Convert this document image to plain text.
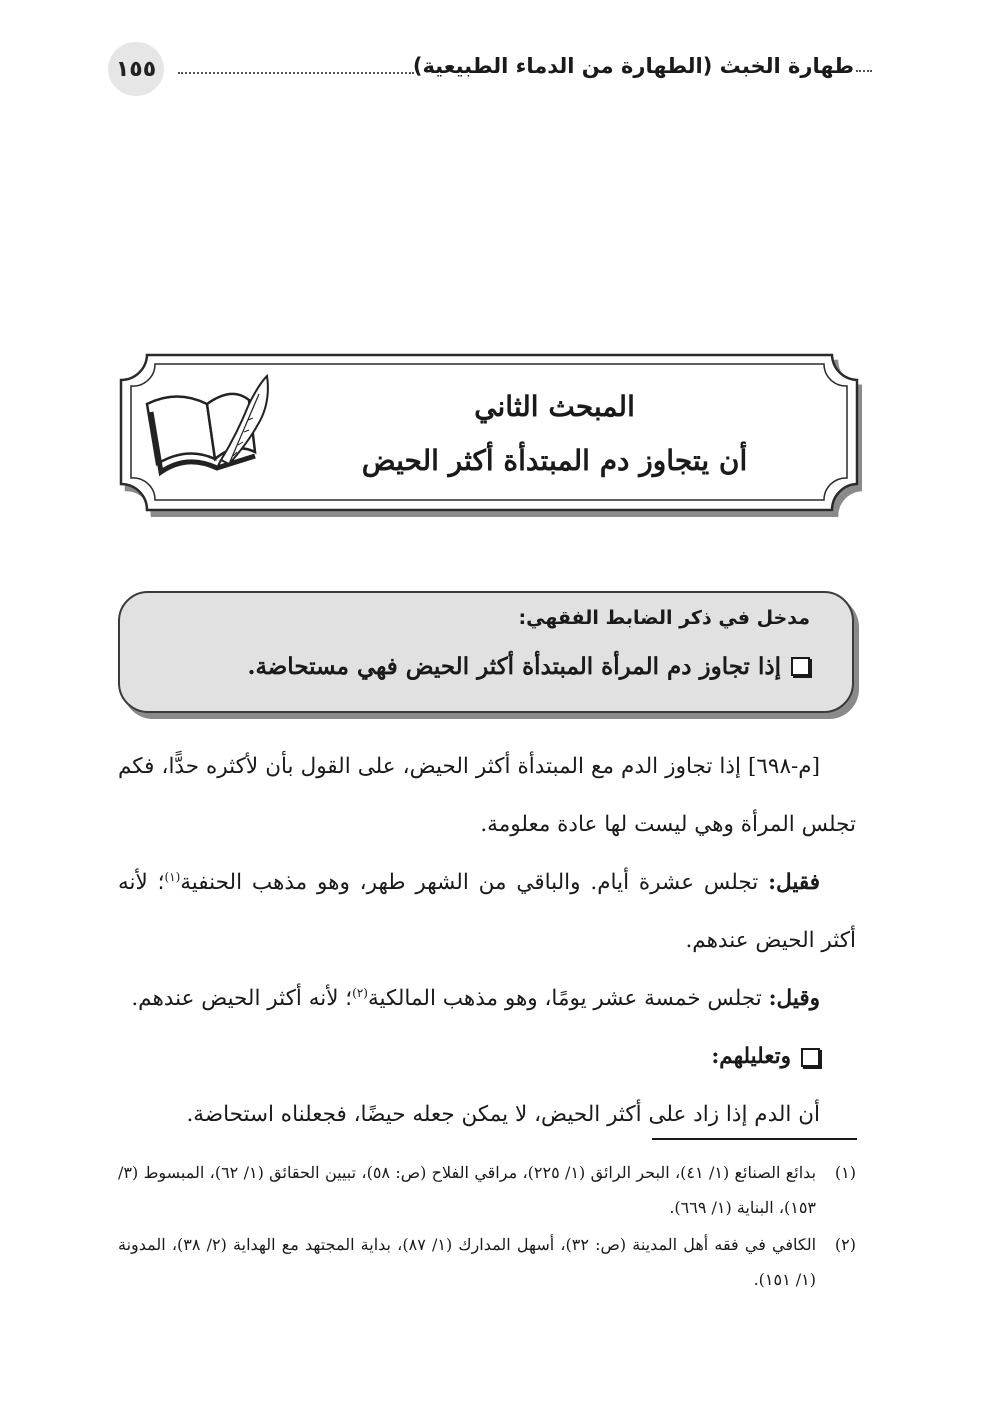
١٥٥	طهارة الخبث (الطهارة من الدماء الطبيعية)
المبحث الثاني
أن يتجاوز دم المبتدأة أكثر الحيض
مدخل في ذكر الضابط الفقهي:
إذا تجاوز دم المرأة المبتدأة أكثر الحيض فهي مستحاضة.

[م-٦٩٨] إذا تجاوز الدم مع المبتدأة أكثر الحيض، على القول بأن لأكثره حدًّا، فكم تجلس المرأة وهي ليست لها عادة معلومة.

فقيل: تجلس عشرة أيام. والباقي من الشهر طهر، وهو مذهب الحنفية$^{(١)}$؛ لأنه أكثر الحيض عندهم.

وقيل: تجلس خمسة عشر يومًا، وهو مذهب المالكية$^{(٢)}$؛ لأنه أكثر الحيض عندهم.

وتعليلهم:

أن الدم إذا زاد على أكثر الحيض، لا يمكن جعله حيضًا، فجعلناه استحاضة.

(١)
بدائع الصنائع (١/ ٤١)، البحر الرائق (١/ ٢٢٥)، مراقي الفلاح (ص: ٥٨)، تبيين الحقائق (١/ ٦٢)، المبسوط (٣/ ١٥٣)، البناية (١/ ٦٦٩).
(٢)
الكافي في فقه أهل المدينة (ص: ٣٢)، أسهل المدارك (١/ ٨٧)، بداية المجتهد مع الهداية (٢/ ٣٨)، المدونة (١/ ١٥١).
